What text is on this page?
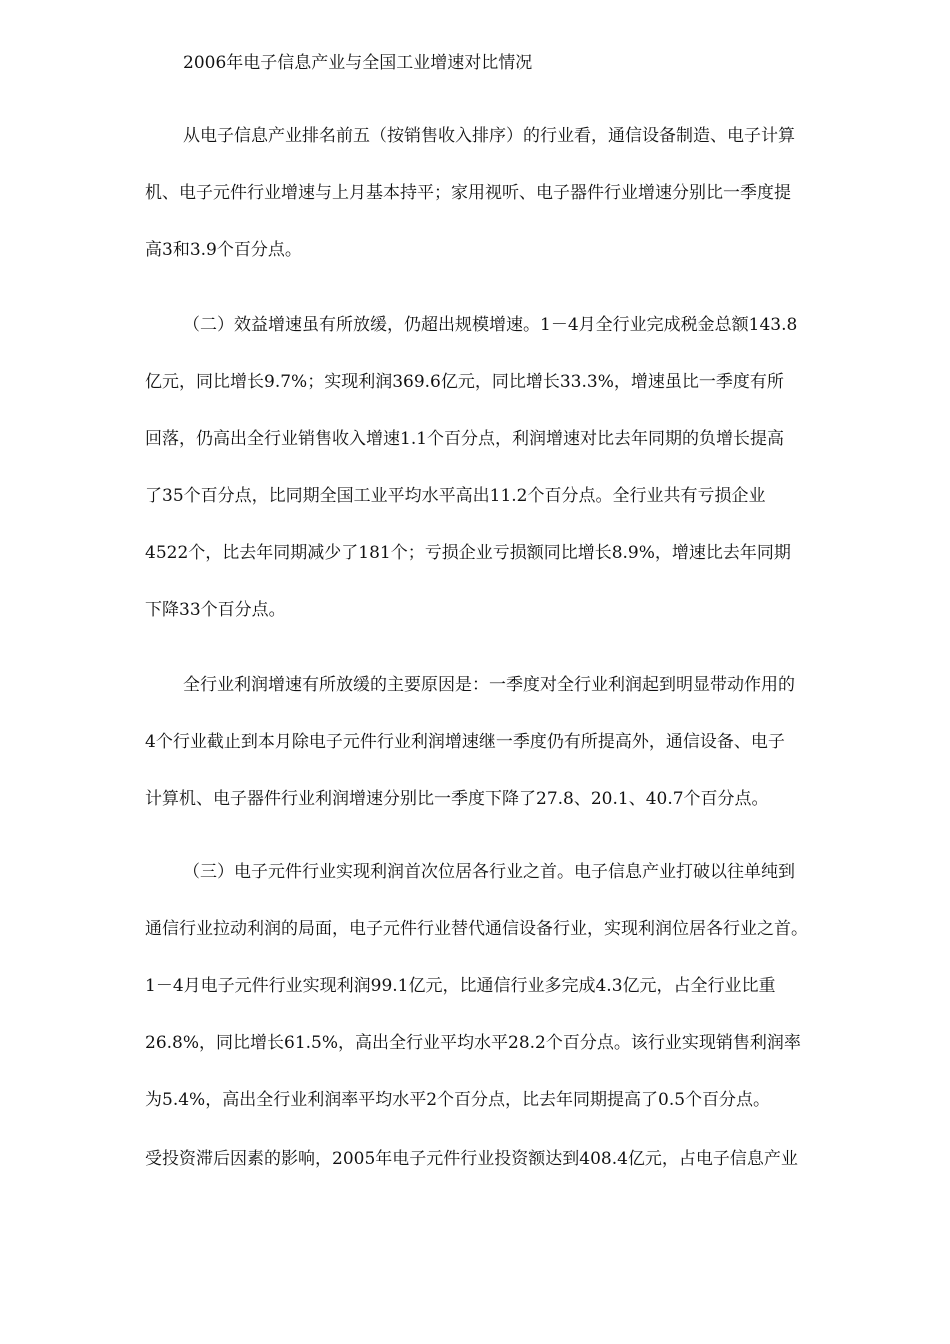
2006年电子信息产业与全国工业增速对比情况
从电子信息产业排名前五（按销售收入排序）的行业看，通信设备制造、电子计算
机、电子元件行业增速与上月基本持平；家用视听、电子器件行业增速分别比一季度提
高3和3.9个百分点。
（二）效益增速虽有所放缓，仍超出规模增速。1－4月全行业完成税金总额143.8
亿元，同比增长9.7%；实现利润369.6亿元，同比增长33.3%，增速虽比一季度有所
回落，仍高出全行业销售收入增速1.1个百分点，利润增速对比去年同期的负增长提高
了35个百分点，比同期全国工业平均水平高出11.2个百分点。全行业共有亏损企业
4522个，比去年同期减少了181个；亏损企业亏损额同比增长8.9%，增速比去年同期
下降33个百分点。
全行业利润增速有所放缓的主要原因是：一季度对全行业利润起到明显带动作用的
4个行业截止到本月除电子元件行业利润增速继一季度仍有所提高外，通信设备、电子
计算机、电子器件行业利润增速分别比一季度下降了27.8、20.1、40.7个百分点。
（三）电子元件行业实现利润首次位居各行业之首。电子信息产业打破以往单纯到
通信行业拉动利润的局面，电子元件行业替代通信设备行业，实现利润位居各行业之首。
1－4月电子元件行业实现利润99.1亿元，比通信行业多完成4.3亿元，占全行业比重
26.8%，同比增长61.5%，高出全行业平均水平28.2个百分点。该行业实现销售利润率
为5.4%，高出全行业利润率平均水平2个百分点，比去年同期提高了0.5个百分点。
受投资滞后因素的影响，2005年电子元件行业投资额达到408.4亿元，占电子信息产业
